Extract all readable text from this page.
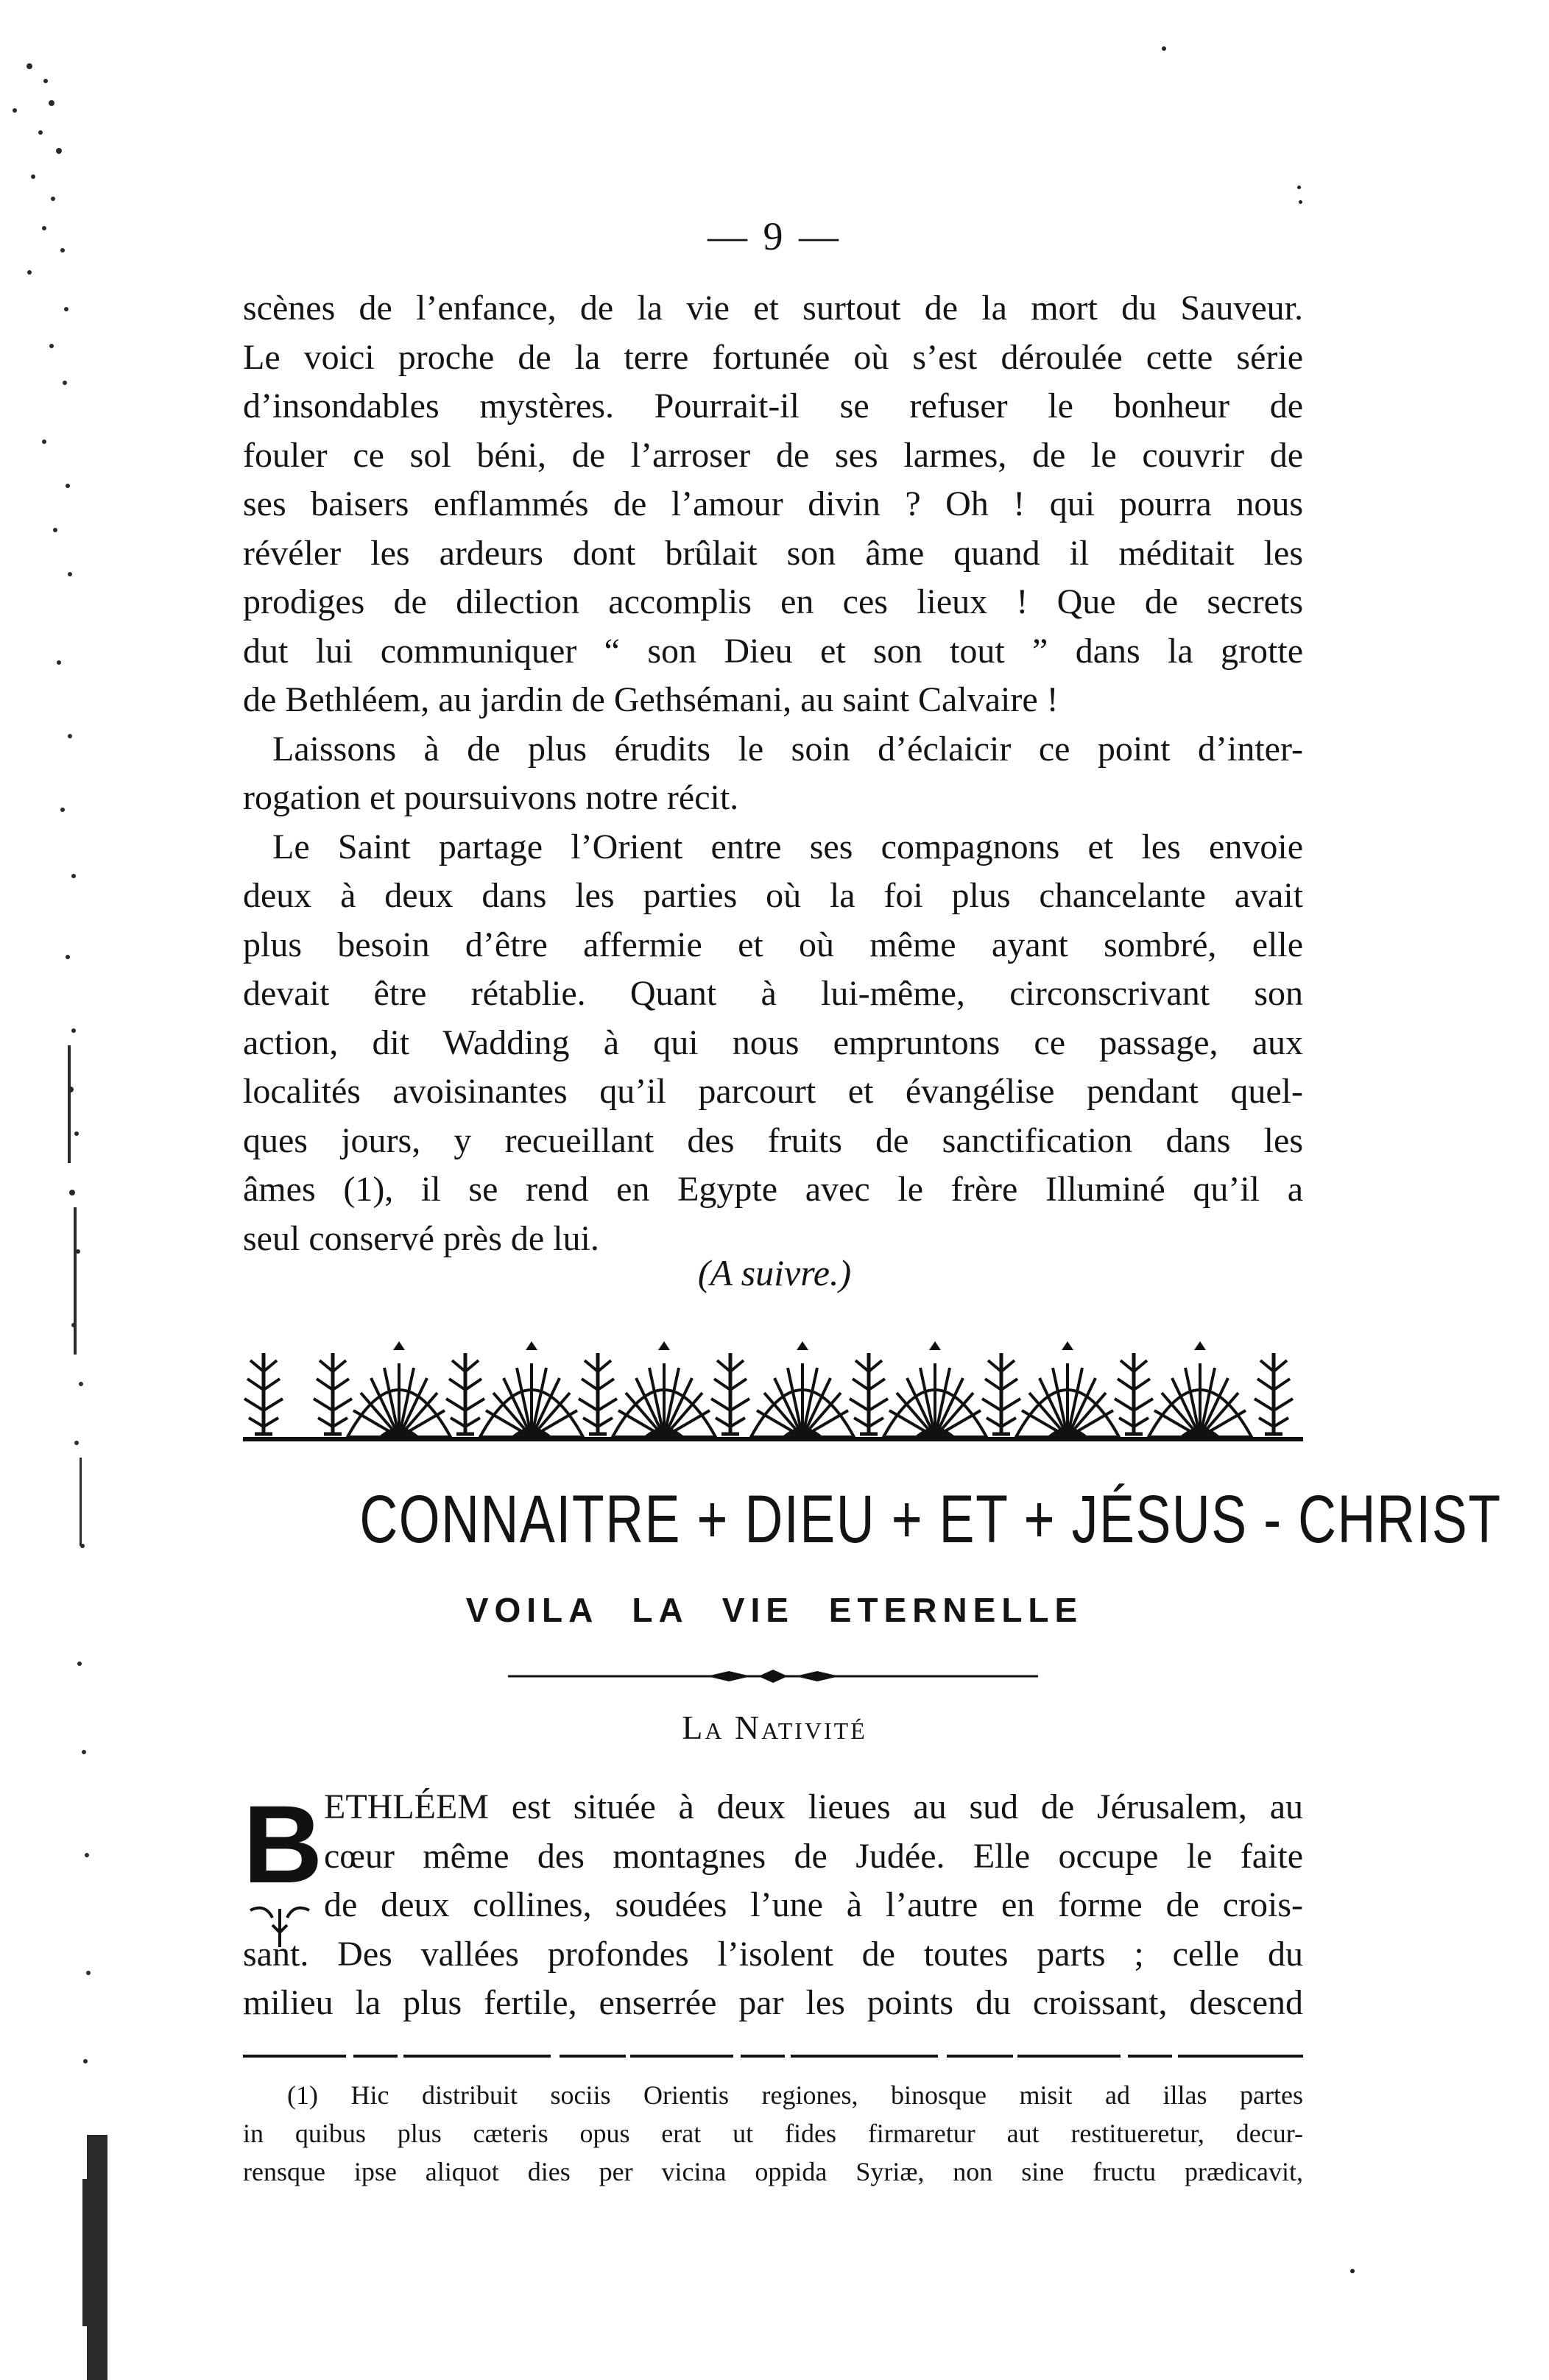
— 9 —
scènes de l’enfance, de la vie et surtout de la mort du Sauveur.
Le voici proche de la terre fortunée où s’est déroulée cette série
d’insondables mystères. Pourrait-il se refuser le bonheur de
fouler ce sol béni, de l’arroser de ses larmes, de le couvrir de
ses baisers enflammés de l’amour divin ? Oh ! qui pourra nous
révéler les ardeurs dont brûlait son âme quand il méditait les
prodiges de dilection accomplis en ces lieux ! Que de secrets
dut lui communiquer “ son Dieu et son tout ” dans la grotte
de Bethléem, au jardin de Gethsémani, au saint Calvaire !
Laissons à de plus érudits le soin d’éclaicir ce point d’inter-
rogation et poursuivons notre récit.
Le Saint partage l’Orient entre ses compagnons et les envoie
deux à deux dans les parties où la foi plus chancelante avait
plus besoin d’être affermie et où même ayant sombré, elle
devait être rétablie. Quant à lui-même, circonscrivant son
action, dit Wadding à qui nous empruntons ce passage, aux
localités avoisinantes qu’il parcourt et évangélise pendant quel-
ques jours, y recueillant des fruits de sanctification dans les
âmes (1), il se rend en Egypte avec le frère Illuminé qu’il a
seul conservé près de lui.
(A suivre.)
CONNAITRE + DIEU + ET + JÉSUS - CHRIST
VOILA LA VIE ETERNELLE
La Nativité
B ETHLÉEM est située à deux lieues au sud de Jérusalem, au
cœur même des montagnes de Judée. Elle occupe le faite
de deux collines, soudées l’une à l’autre en forme de crois-
sant. Des vallées profondes l’isolent de toutes parts ; celle du
milieu la plus fertile, enserrée par les points du croissant, descend
(1) Hic distribuit sociis Orientis regiones, binosque misit ad illas partes
in quibus plus cæteris opus erat ut fides firmaretur aut restitueretur, decur-
rensque ipse aliquot dies per vicina oppida Syriæ, non sine fructu prædicavit,
